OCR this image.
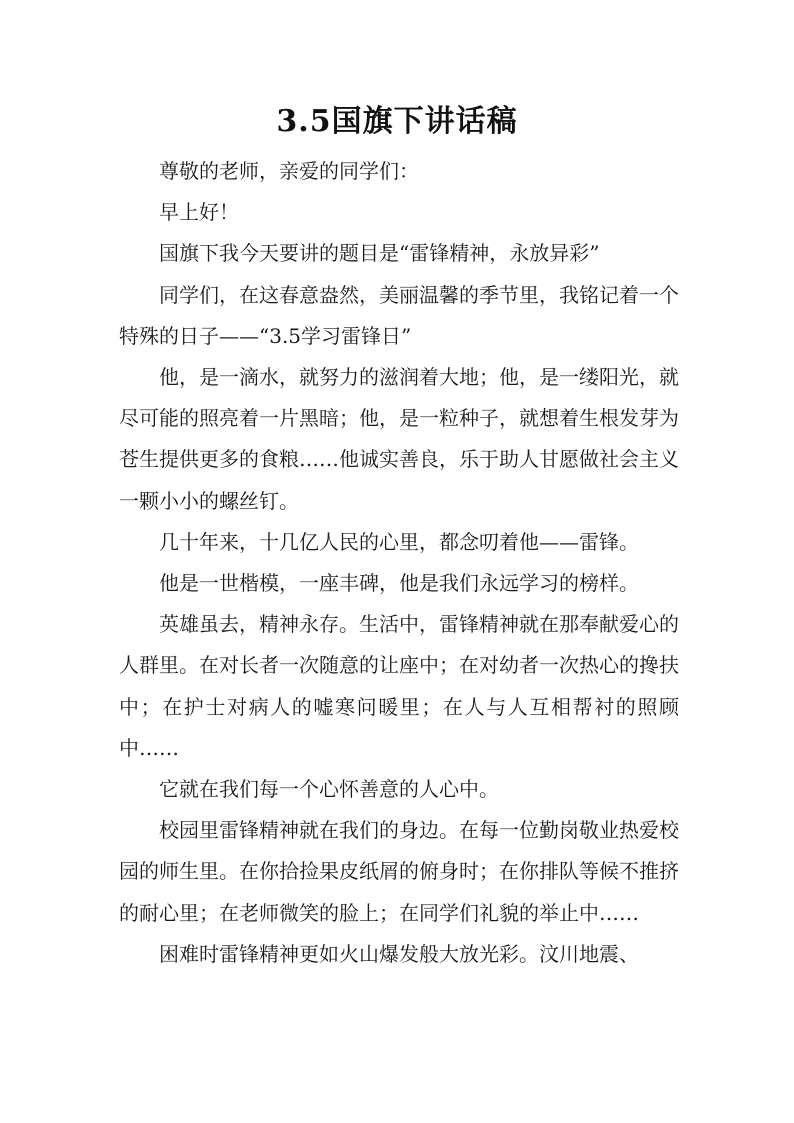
3.5国旗下讲话稿

尊敬的老师，亲爱的同学们：

早上好！

国旗下我今天要讲的题目是“雷锋精神，永放异彩”

同学们，在这春意盎然，美丽温馨的季节里，我铭记着一个特殊的日子——“3.5学习雷锋日”

他，是一滴水，就努力的滋润着大地；他，是一缕阳光，就尽可能的照亮着一片黑暗；他，是一粒种子，就想着生根发芽为苍生提供更多的食粮……他诚实善良，乐于助人甘愿做社会主义一颗小小的螺丝钉。

几十年来，十几亿人民的心里，都念叨着他——雷锋。

他是一世楷模，一座丰碑，他是我们永远学习的榜样。

英雄虽去，精神永存。生活中，雷锋精神就在那奉献爱心的人群里。在对长者一次随意的让座中；在对幼者一次热心的搀扶中；在护士对病人的嘘寒问暖里；在人与人互相帮衬的照顾中……

它就在我们每一个心怀善意的人心中。

校园里雷锋精神就在我们的身边。在每一位勤岗敬业热爱校园的师生里。在你拾捡果皮纸屑的俯身时；在你排队等候不推挤的耐心里；在老师微笑的脸上；在同学们礼貌的举止中……

困难时雷锋精神更如火山爆发般大放光彩。汶川地震、
